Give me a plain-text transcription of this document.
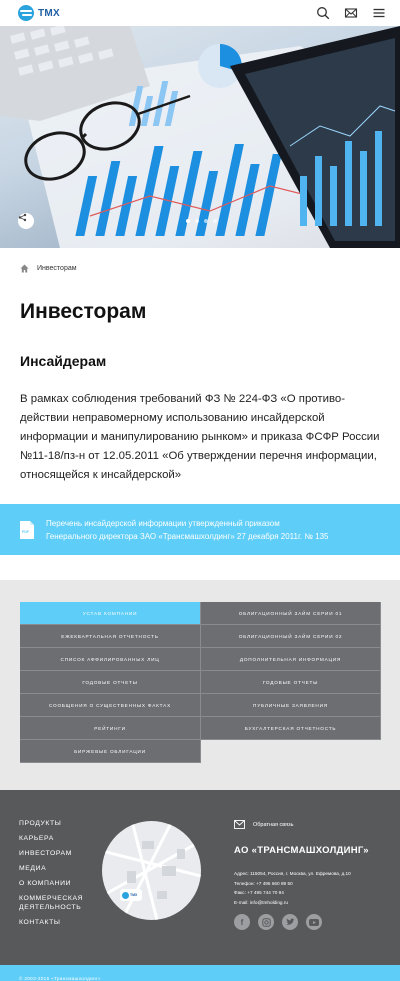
ТМХ
Инвесторам
Инвесторам
Инсайдерам

В рамках соблюдения требований ФЗ № 224-ФЗ «О противо-действии неправомерному использованию инсайдерской информации и манипулированию рынком» и приказа ФСФР России №11-18/пз-н от 12.05.2011 «Об утверждении перечня информации, относящейся к инсайдерской»

PDF
Перечень инсайдерской информации утвержденный приказом
Генерального директора ЗАО «Трансмашхолдинг» 27 декабря 2011г. № 135
УСТАВ КОМПАНИИ	ОБЛИГАЦИОННЫЙ ЗАЙМ СЕРИИ 01
ЕЖЕКВАРТАЛЬНАЯ ОТЧЕТНОСТЬ	ОБЛИГАЦИОННЫЙ ЗАЙМ СЕРИИ 02
СПИСОК АФФИЛИРОВАННЫХ ЛИЦ	ДОПОЛНИТЕЛЬНАЯ ИНФОРМАЦИЯ
ГОДОВЫЕ ОТЧЕТЫ	ГОДОВЫЕ ОТЧЕТЫ
СООБЩЕНИЯ О СУЩЕСТВЕННЫХ ФАКТАХ	ПУБЛИЧНЫЕ ЗАЯВЛЕНИЯ
РЕЙТИНГИ	БУХГАЛТЕРСКАЯ ОТЧЕТНОСТЬ
БИРЖЕВЫЕ ОБЛИГАЦИИ
ПРОДУКТЫ
КАРЬЕРА
ИНВЕСТОРАМ
МЕДИА
О КОМПАНИИ
КОММЕРЧЕСКАЯ ДЕЯТЕЛЬНОСТЬ
КОНТАКТЫ
ТМХ
Обратная связь
АО «ТРАНСМАШХОЛДИНГ»
Адрес: 115054, Россия, г. Москва, ул. Ефремова, д.10
Телефон: +7 495 660 89 50
Факс: +7 495 744 70 94
E-mail: info@tmholding.ru
f
© 2003-2015 «Трансмашхолдинг»
